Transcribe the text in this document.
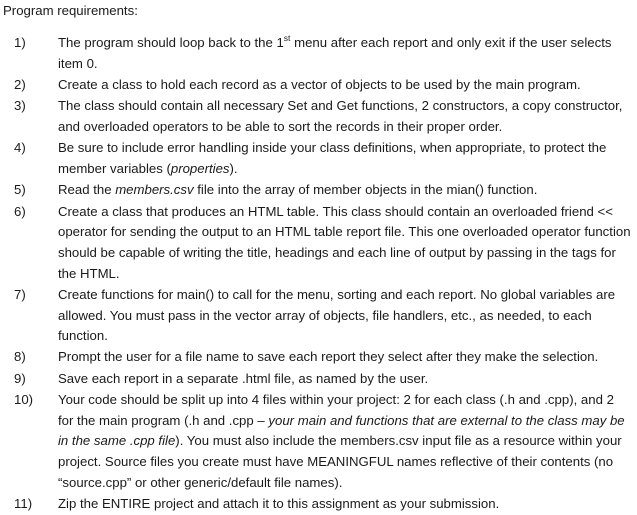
Program requirements:
1)	The program should loop back to the 1st menu after each report and only exit if the user selects item 0.
2)	Create a class to hold each record as a vector of objects to be used by the main program.
3)	The class should contain all necessary Set and Get functions, 2 constructors, a copy constructor, and overloaded operators to be able to sort the records in their proper order.
4)	Be sure to include error handling inside your class definitions, when appropriate, to protect the member variables (properties).
5)	Read the members.csv file into the array of member objects in the mian() function.
6)	Create a class that produces an HTML table. This class should contain an overloaded friend << operator for sending the output to an HTML table report file. This one overloaded operator function should be capable of writing the title, headings and each line of output by passing in the tags for the HTML.
7)	Create functions for main() to call for the menu, sorting and each report. No global variables are allowed. You must pass in the vector array of objects, file handlers, etc., as needed, to each function.
8)	Prompt the user for a file name to save each report they select after they make the selection.
9)	Save each report in a separate .html file, as named by the user.
10)	Your code should be split up into 4 files within your project: 2 for each class (.h and .cpp), and 2 for the main program (.h and .cpp – your main and functions that are external to the class may be in the same .cpp file). You must also include the members.csv input file as a resource within your project. Source files you create must have MEANINGFUL names reflective of their contents (no “source.cpp” or other generic/default file names).
11)	Zip the ENTIRE project and attach it to this assignment as your submission.
